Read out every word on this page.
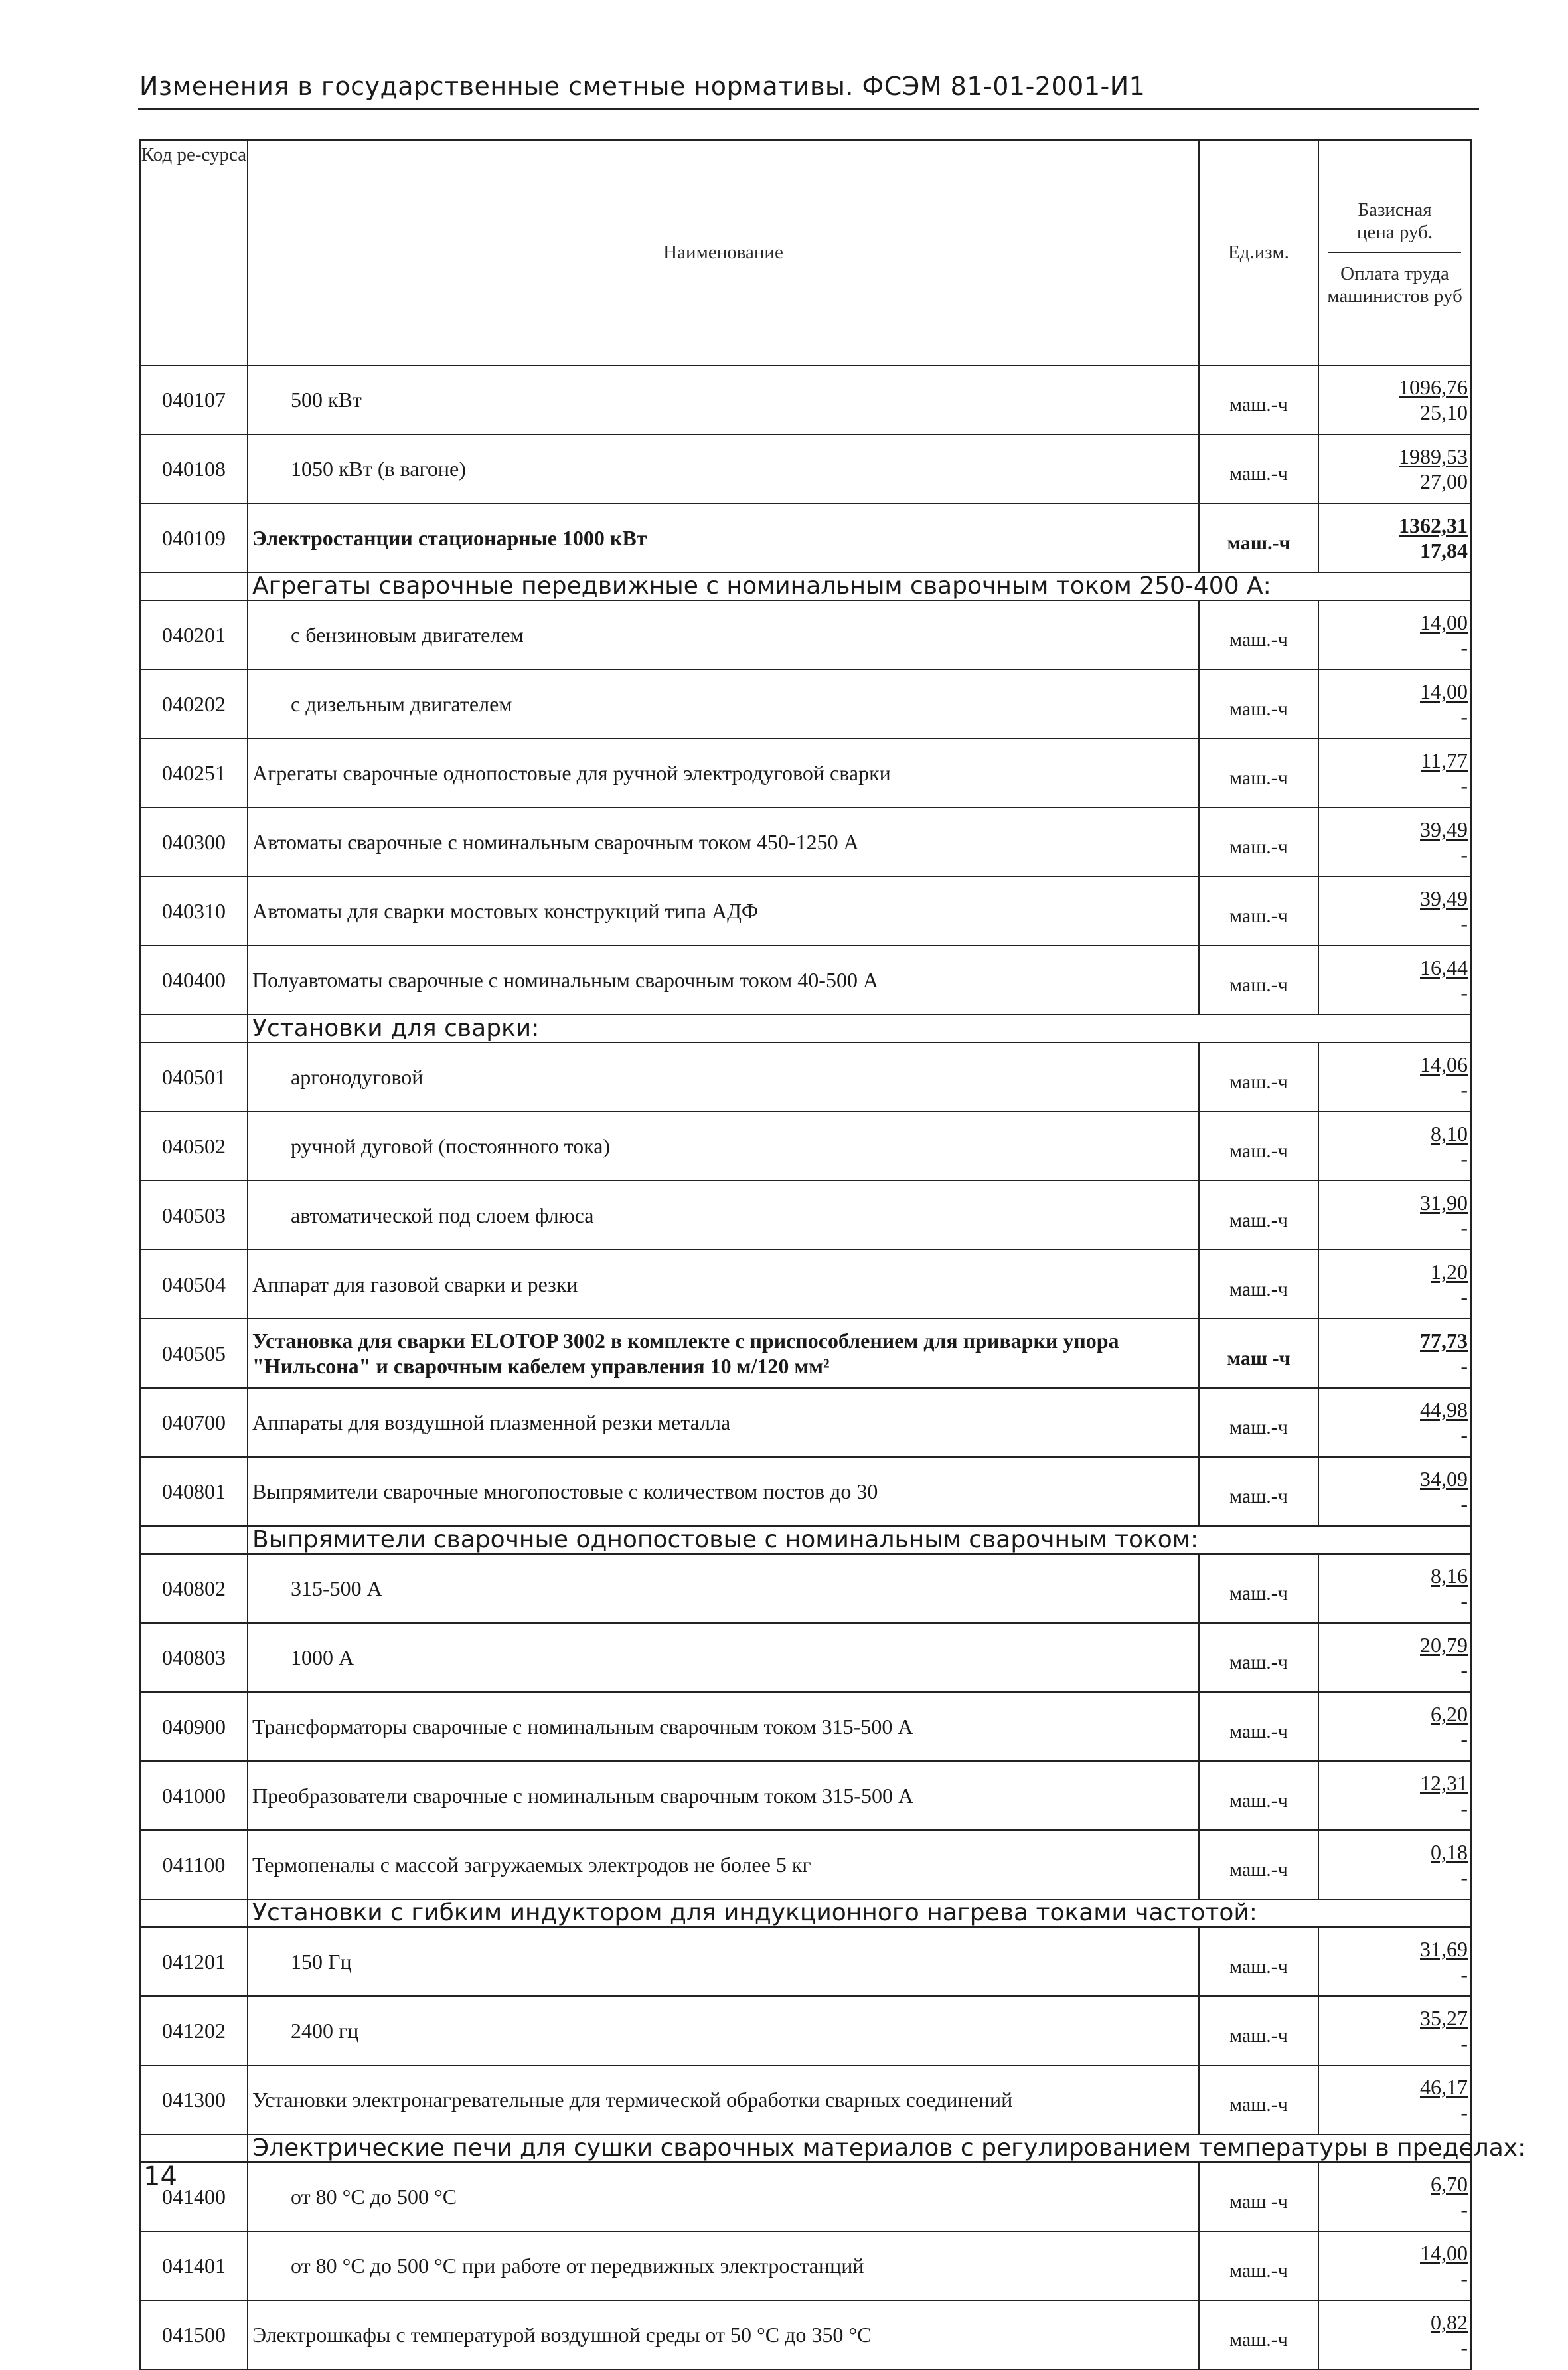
Изменения в государственные сметные нормативы. ФСЭМ 81-01-2001-И1
Код ре-сурса	Наименование	Ед.изм.	Базисная цена руб.
Оплата труда машинистов руб

040107	500 кВт	маш.-ч	1096,76
25,10

040108	1050 кВт (в вагоне)	маш.-ч	1989,53
27,00

040109	Электростанции стационарные 1000 кВт	маш.-ч	1362,31
17,84

	Агрегаты сварочные передвижные с номинальным сварочным током 250-400 А:		
040201	с бензиновым двигателем	маш.-ч	14,00
-

040202	с дизельным двигателем	маш.-ч	14,00
-

040251	Агрегаты сварочные однопостовые для ручной электродуговой сварки	маш.-ч	11,77
-

040300	Автоматы сварочные с номинальным сварочным током 450-1250 А	маш.-ч	39,49
-

040310	Автоматы для сварки мостовых конструкций типа АДФ	маш.-ч	39,49
-

040400	Полуавтоматы сварочные с номинальным сварочным током 40-500 А	маш.-ч	16,44
-

	Установки для сварки:		
040501	аргонодуговой	маш.-ч	14,06
-

040502	ручной дуговой (постоянного тока)	маш.-ч	8,10
-

040503	автоматической под слоем флюса	маш.-ч	31,90
-

040504	Аппарат для газовой сварки и резки	маш.-ч	1,20
-

040505	Установка для сварки ELOTOP 3002 в комплекте с приспособлением для приварки упора "Нильсона" и сварочным кабелем управления 10 м/120 мм²	маш -ч	77,73
-

040700	Аппараты для воздушной плазменной резки металла	маш.-ч	44,98
-

040801	Выпрямители сварочные многопостовые с количеством постов до 30	маш.-ч	34,09
-

	Выпрямители сварочные однопостовые с номинальным сварочным током:		
040802	315-500 А	маш.-ч	8,16
-

040803	1000 А	маш.-ч	20,79
-

040900	Трансформаторы сварочные с номинальным сварочным током 315-500 А	маш.-ч	6,20
-

041000	Преобразователи сварочные с номинальным сварочным током 315-500 А	маш.-ч	12,31
-

041100	Термопеналы с массой загружаемых электродов не более 5 кг	маш.-ч	0,18
-

	Установки с гибким индуктором для индукционного нагрева токами частотой:		
041201	150 Гц	маш.-ч	31,69
-

041202	2400 гц	маш.-ч	35,27
-

041300	Установки электронагревательные для термической обработки сварных соединений	маш.-ч	46,17
-

	Электрические печи для сушки сварочных материалов с регулированием температуры в пределах:		
041400	от 80 °С до 500 °С	маш -ч	6,70
-

041401	от 80 °С до 500 °С при работе от передвижных электростанций	маш.-ч	14,00
-

041500	Электрошкафы с температурой воздушной среды от 50 °С до 350 °С	маш.-ч	0,82
-
14
